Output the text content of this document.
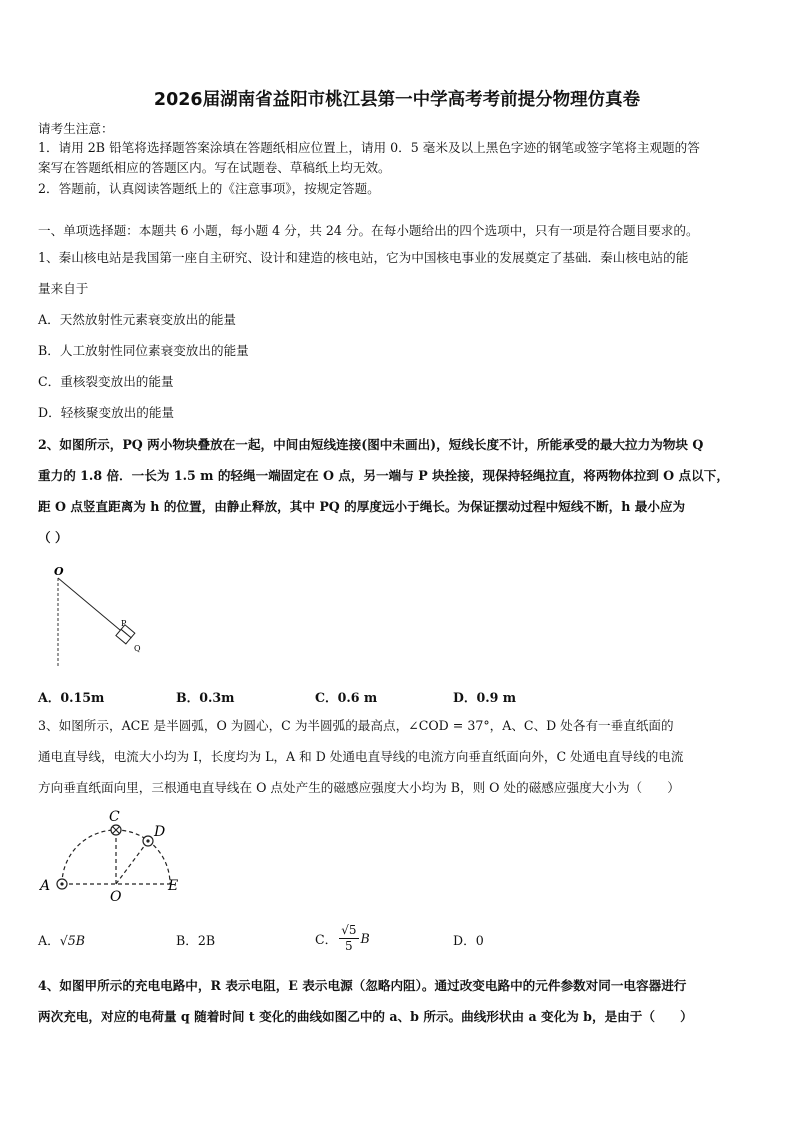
2026届湖南省益阳市桃江县第一中学高考考前提分物理仿真卷
请考生注意：
1．请用 2B 铅笔将选择题答案涂填在答题纸相应位置上，请用 0．5 毫米及以上黑色字迹的钢笔或签字笔将主观题的答
案写在答题纸相应的答题区内。写在试题卷、草稿纸上均无效。
2．答题前，认真阅读答题纸上的《注意事项》，按规定答题。
一、单项选择题：本题共 6 小题，每小题 4 分，共 24 分。在每小题给出的四个选项中，只有一项是符合题目要求的。
1、秦山核电站是我国第一座自主研究、设计和建造的核电站，它为中国核电事业的发展奠定了基础．秦山核电站的能
量来自于
A．天然放射性元素衰变放出的能量
B．人工放射性同位素衰变放出的能量
C．重核裂变放出的能量
D．轻核聚变放出的能量
2、如图所示，PQ 两小物块叠放在一起，中间由短线连接(图中未画出)，短线长度不计，所能承受的最大拉力为物块 Q
重力的 1.8 倍．一长为 1.5 m 的轻绳一端固定在 O 点，另一端与 P 块拴接，现保持轻绳拉直，将两物体拉到 O 点以下，
距 O 点竖直距离为 h 的位置，由静止释放，其中 PQ 的厚度远小于绳长。为保证摆动过程中短线不断，h 最小应为
（ ）
O
P
Q
A．0.15m	B．0.3m	C．0.6 m	D．0.9 m
3、如图所示，ACE 是半圆弧，O 为圆心，C 为半圆弧的最高点，∠COD = 37°，A、C、D 处各有一垂直纸面的
通电直导线，电流大小均为 I，长度均为 L，A 和 D 处通电直导线的电流方向垂直纸面向外，C 处通电直导线的电流
方向垂直纸面向里，三根通电直导线在 O 点处产生的磁感应强度大小均为 B，则 O 处的磁感应强度大小为（　　）
A
C
D
E
O
A．√5B	B．2B	C． $\frac{√5}{5}$ B	D．0
4、如图甲所示的充电电路中，R 表示电阻，E 表示电源（忽略内阻）。通过改变电路中的元件参数对同一电容器进行
两次充电，对应的电荷量 q 随着时间 t 变化的曲线如图乙中的 a、b 所示。曲线形状由 a 变化为 b，是由于（　　）
